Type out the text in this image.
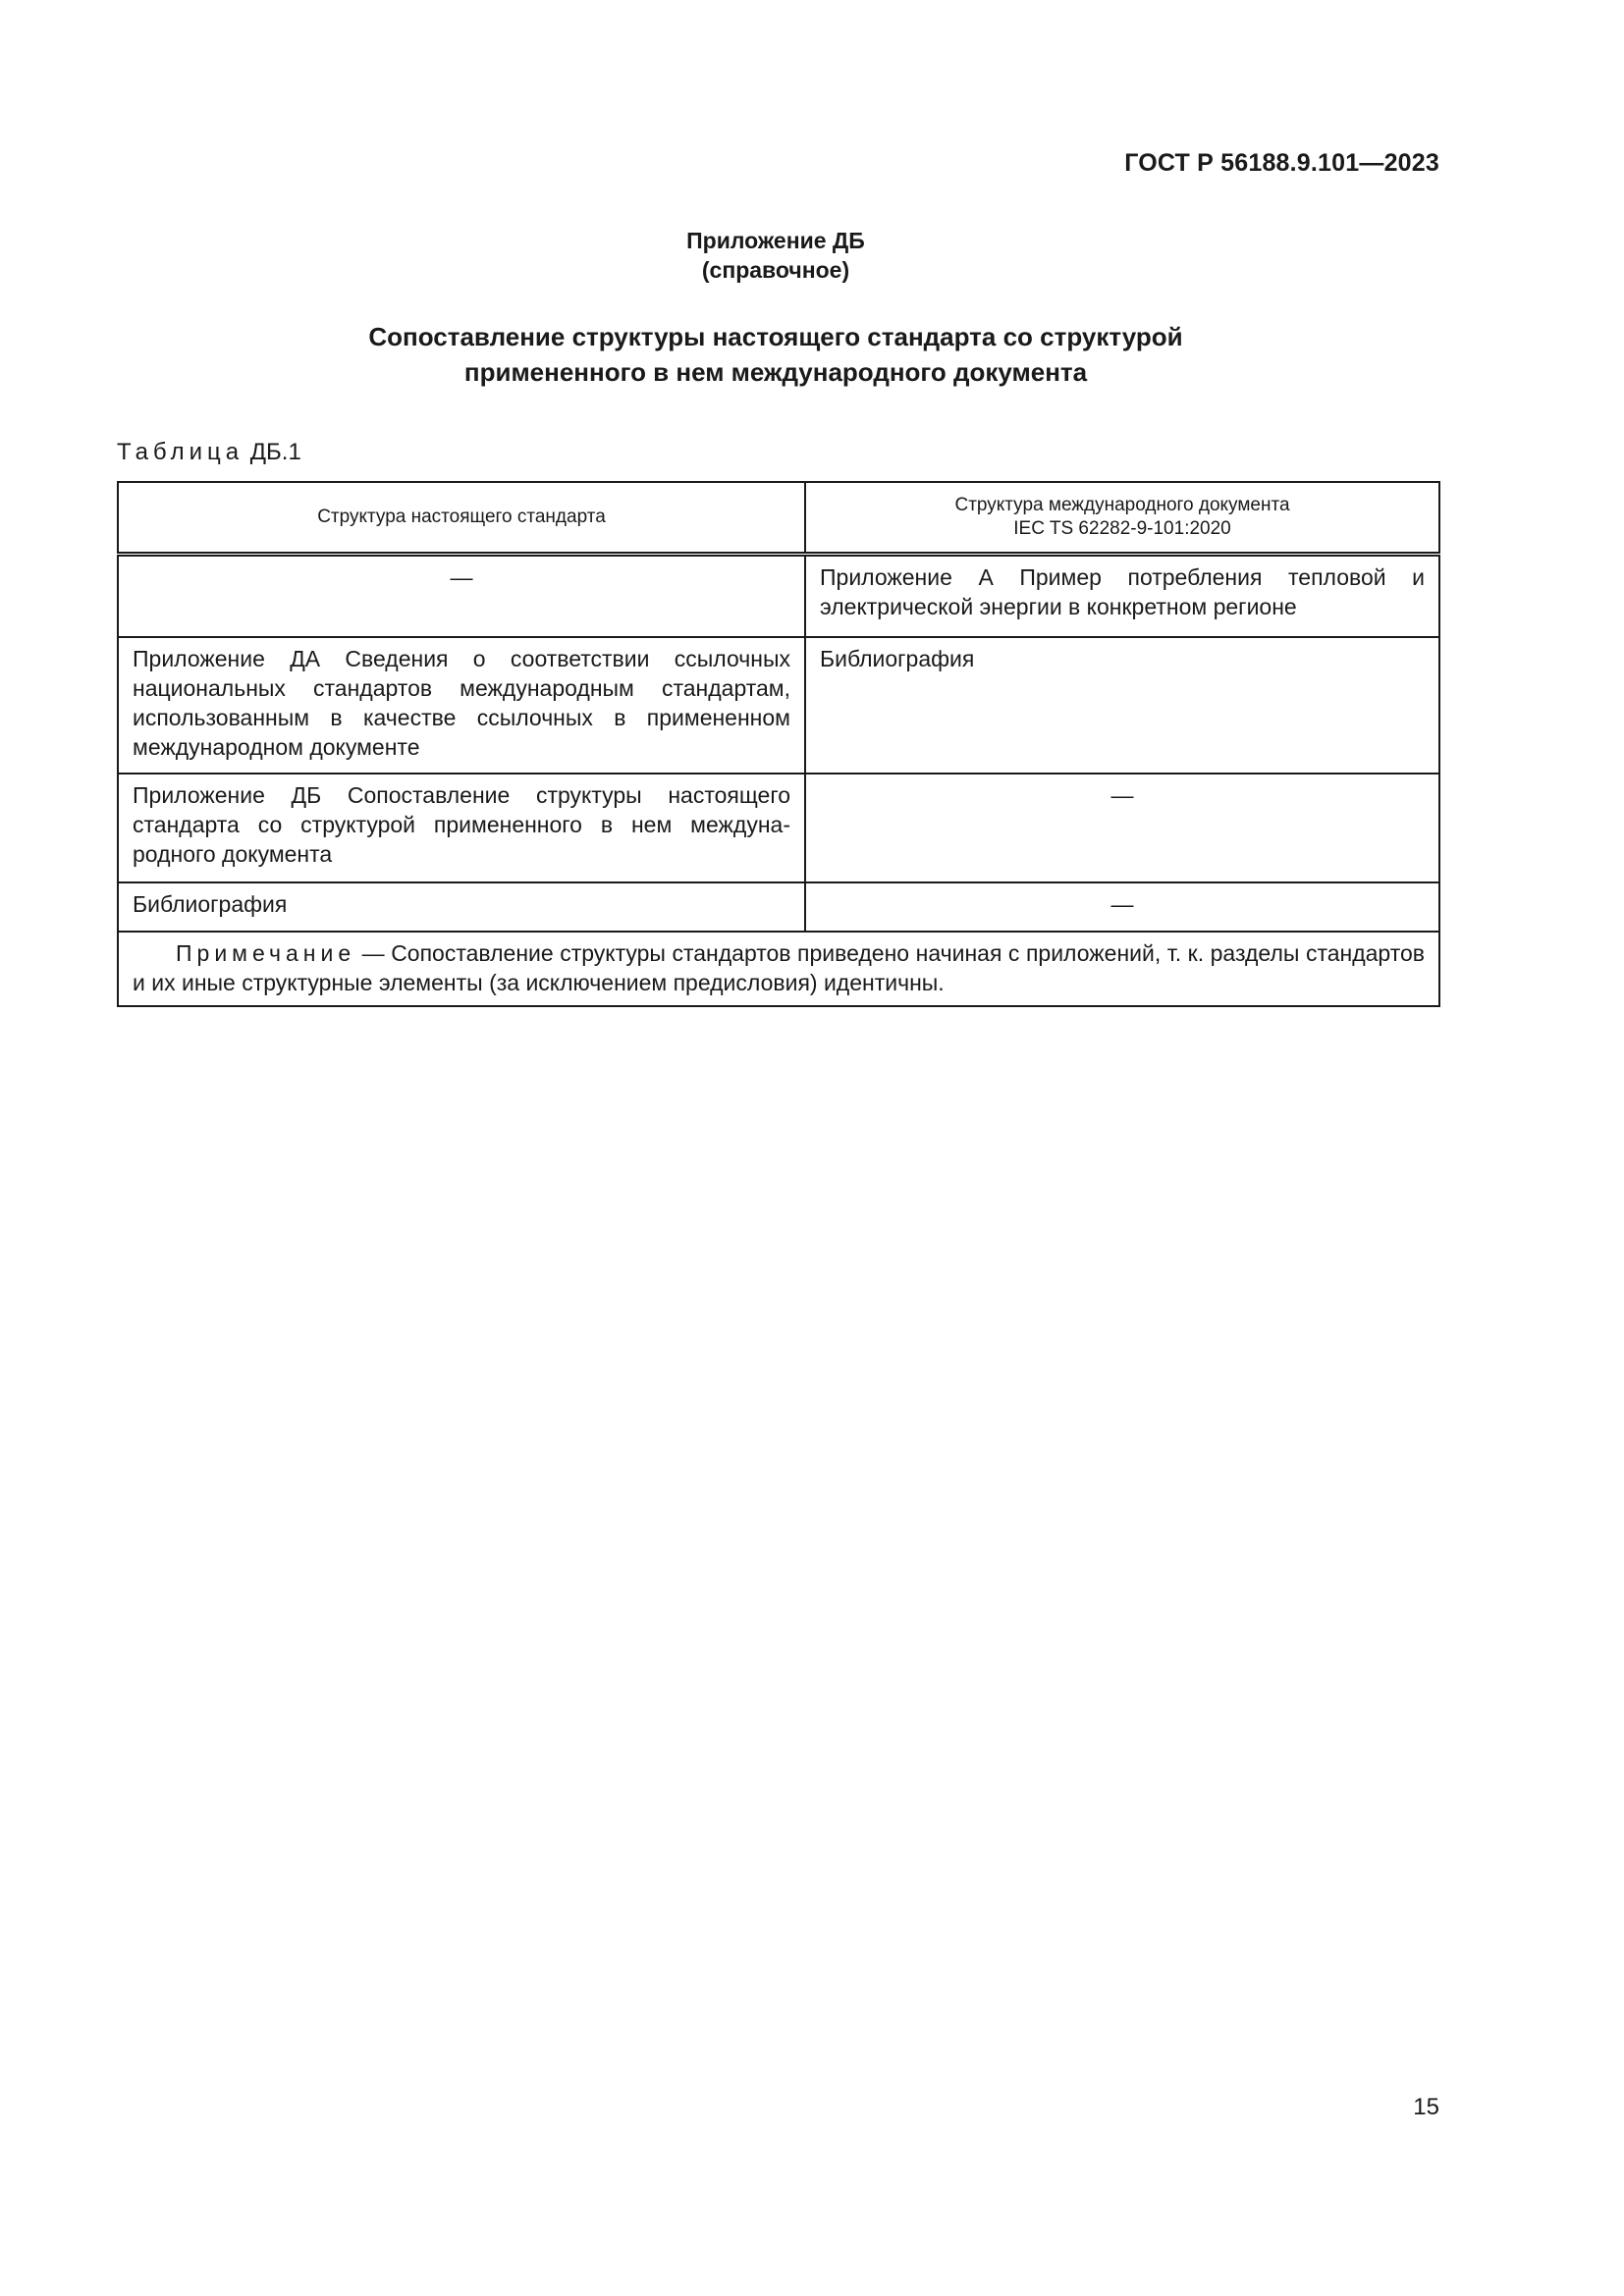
ГОСТ Р 56188.9.101—2023
Приложение ДБ
(справочное)
Сопоставление структуры настоящего стандарта со структурой
примененного в нем международного документа
Таблица ДБ.1
Структура настоящего стандарта	Структура международного документа
IEC TS 62282-9-101:2020

—	Приложение А Пример потребления тепловой и электрической энергии в конкретном регионе
Приложение ДА Сведения о соответствии ссылочных национальных стандартов международным стандартам, использованным в качестве ссылочных в примененном международном документе	Библиография
Приложение ДБ Сопоставление структуры настоящего стандарта со структурой примененного в нем международного документа	—
Библиография	—
Примечание — Сопоставление структуры стандартов приведено начиная с приложений, т. к. разделы стандартов и их иные структурные элементы (за исключением предисловия) идентичны.	
15
